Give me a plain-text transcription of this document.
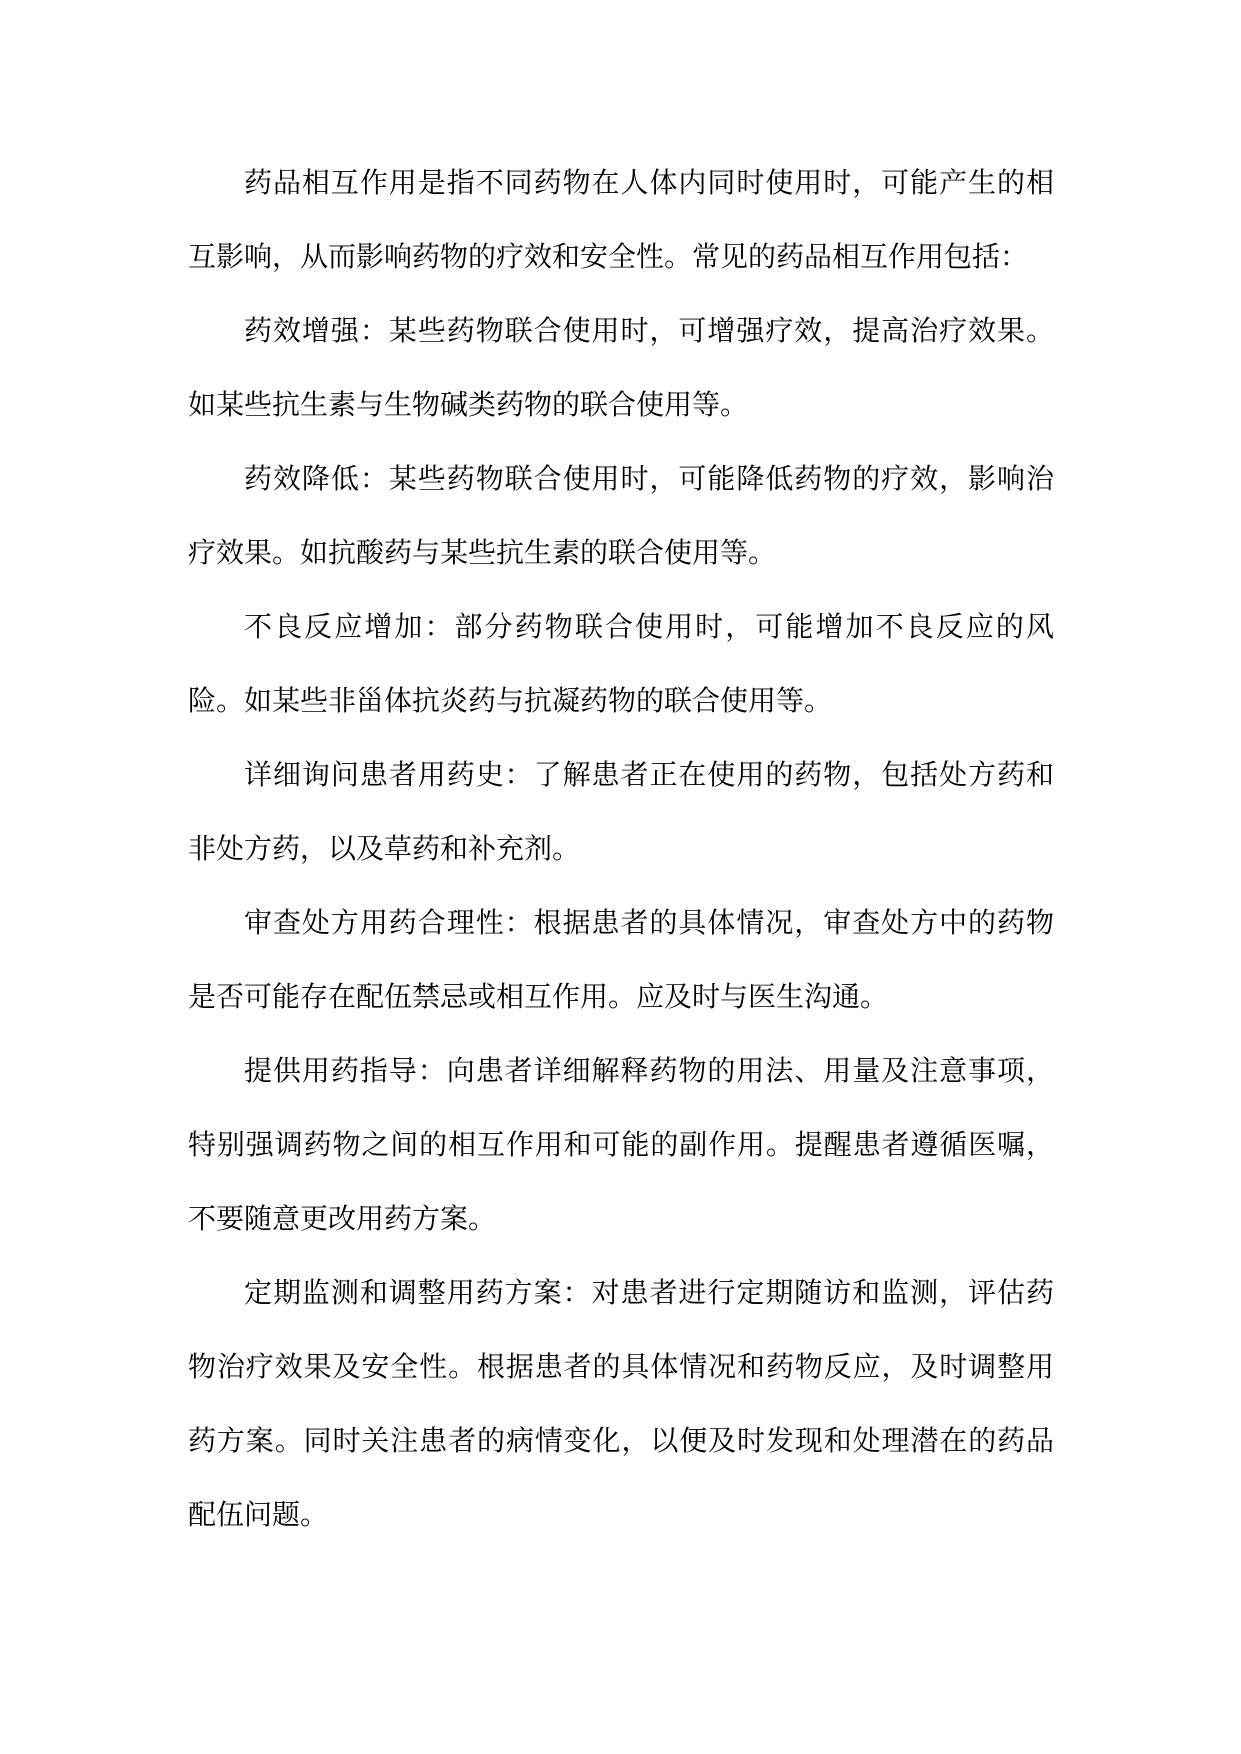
药品相互作用是指不同药物在人体内同时使用时，可能产生的相互影响，从而影响药物的疗效和安全性。常见的药品相互作用包括：

药效增强：某些药物联合使用时，可增强疗效，提高治疗效果。如某些抗生素与生物碱类药物的联合使用等。

药效降低：某些药物联合使用时，可能降低药物的疗效，影响治疗效果。如抗酸药与某些抗生素的联合使用等。

不良反应增加：部分药物联合使用时，可能增加不良反应的风险。如某些非甾体抗炎药与抗凝药物的联合使用等。

详细询问患者用药史：了解患者正在使用的药物，包括处方药和非处方药，以及草药和补充剂。

审查处方用药合理性：根据患者的具体情况，审查处方中的药物是否可能存在配伍禁忌或相互作用。应及时与医生沟通。

提供用药指导：向患者详细解释药物的用法、用量及注意事项，特别强调药物之间的相互作用和可能的副作用。提醒患者遵循医嘱，不要随意更改用药方案。

定期监测和调整用药方案：对患者进行定期随访和监测，评估药物治疗效果及安全性。根据患者的具体情况和药物反应，及时调整用药方案。同时关注患者的病情变化，以便及时发现和处理潜在的药品配伍问题。
